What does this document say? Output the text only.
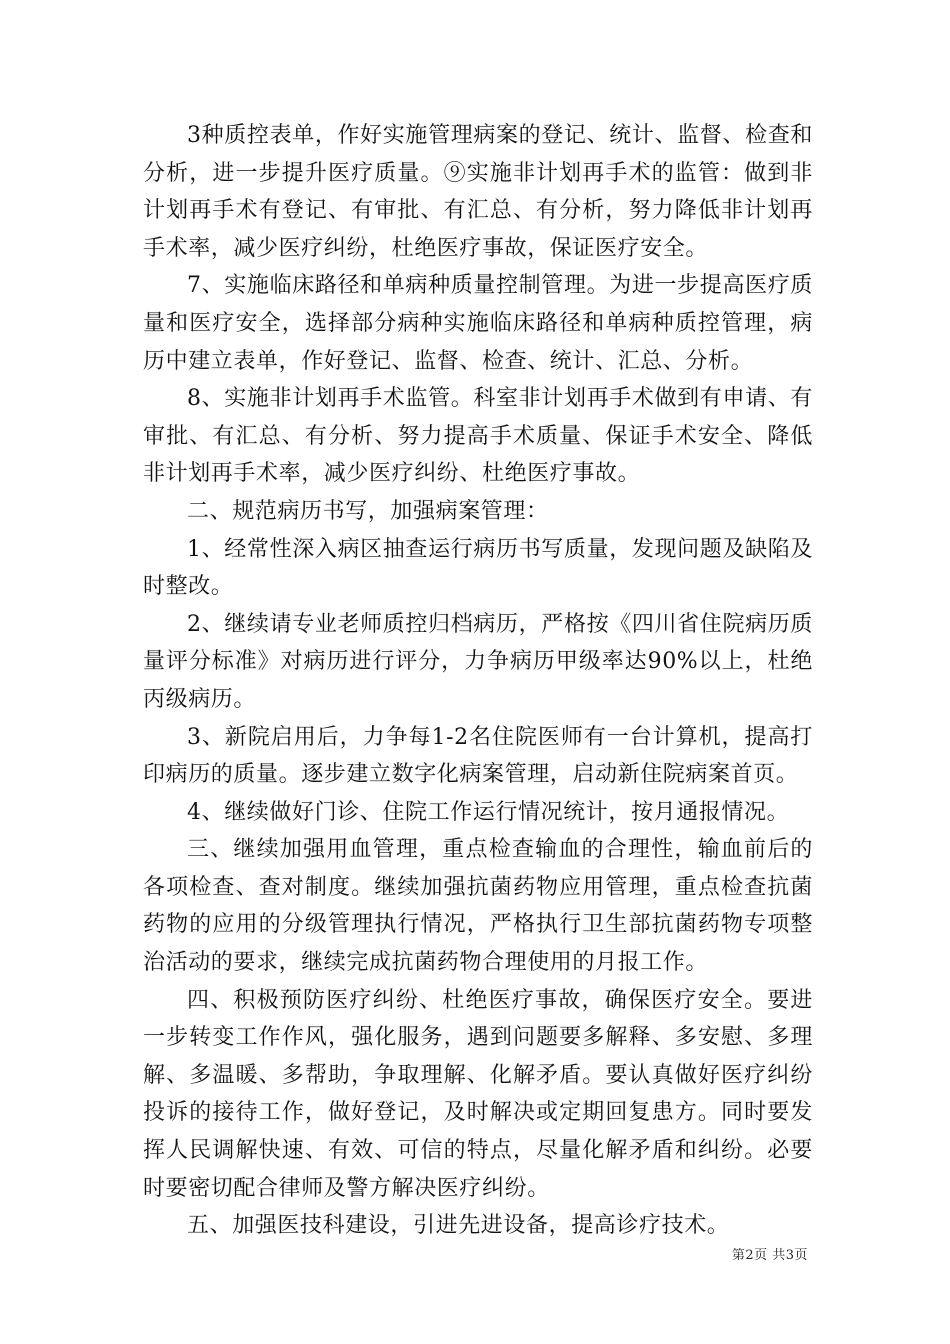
3种质控表单，作好实施管理病案的登记、统计、监督、检查和分析，进一步提升医疗质量。⑨实施非计划再手术的监管：做到非计划再手术有登记、有审批、有汇总、有分析，努力降低非计划再手术率，减少医疗纠纷，杜绝医疗事故，保证医疗安全。

7、实施临床路径和单病种质量控制管理。为进一步提高医疗质量和医疗安全，选择部分病种实施临床路径和单病种质控管理，病历中建立表单，作好登记、监督、检查、统计、汇总、分析。

8、实施非计划再手术监管。科室非计划再手术做到有申请、有审批、有汇总、有分析、努力提高手术质量、保证手术安全、降低非计划再手术率，减少医疗纠纷、杜绝医疗事故。

二、规范病历书写，加强病案管理：

1、经常性深入病区抽查运行病历书写质量，发现问题及缺陷及时整改。

2、继续请专业老师质控归档病历，严格按《四川省住院病历质量评分标准》对病历进行评分，力争病历甲级率达90%以上，杜绝丙级病历。

3、新院启用后，力争每1-2名住院医师有一台计算机，提高打印病历的质量。逐步建立数字化病案管理，启动新住院病案首页。

4、继续做好门诊、住院工作运行情况统计，按月通报情况。

三、继续加强用血管理，重点检查输血的合理性，输血前后的各项检查、查对制度。继续加强抗菌药物应用管理，重点检查抗菌药物的应用的分级管理执行情况，严格执行卫生部抗菌药物专项整治活动的要求，继续完成抗菌药物合理使用的月报工作。

四、积极预防医疗纠纷、杜绝医疗事故，确保医疗安全。要进一步转变工作作风，强化服务，遇到问题要多解释、多安慰、多理解、多温暖、多帮助，争取理解、化解矛盾。要认真做好医疗纠纷投诉的接待工作，做好登记，及时解决或定期回复患方。同时要发挥人民调解快速、有效、可信的特点，尽量化解矛盾和纠纷。必要时要密切配合律师及警方解决医疗纠纷。

五、加强医技科建设，引进先进设备，提高诊疗技术。

第2页 共3页
